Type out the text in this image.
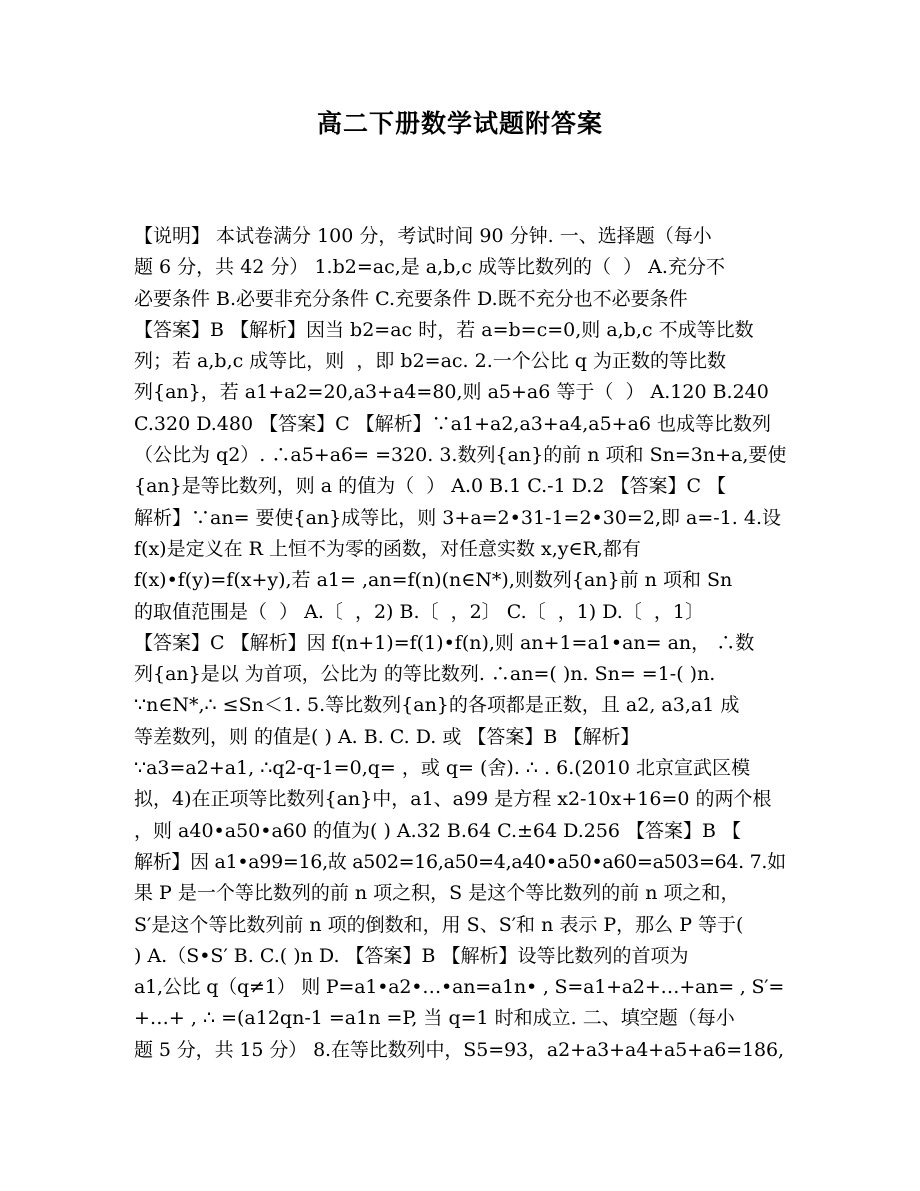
高二下册数学试题附答案
【说明】 本试卷满分 100 分，考试时间 90 分钟. 一、选择题（每小
题 6 分，共 42 分） 1.b2=ac,是 a,b,c 成等比数列的（  ） A.充分不
必要条件 B.必要非充分条件 C.充要条件 D.既不充分也不必要条件
【答案】B 【解析】因当 b2=ac 时，若 a=b=c=0,则 a,b,c 不成等比数
列；若 a,b,c 成等比，则  ，即 b2=ac. 2.一个公比 q 为正数的等比数
列{an}，若 a1+a2=20,a3+a4=80,则 a5+a6 等于（  ） A.120 B.240
C.320 D.480 【答案】C 【解析】∵a1+a2,a3+a4,a5+a6 也成等比数列
（公比为 q2）. ∴a5+a6= =320. 3.数列{an}的前 n 项和 Sn=3n+a,要使
{an}是等比数列，则 a 的值为（  ） A.0 B.1 C.-1 D.2 【答案】C 【
解析】∵an= 要使{an}成等比，则 3+a=2•31-1=2•30=2,即 a=-1. 4.设
f(x)是定义在 R 上恒不为零的函数，对任意实数 x,y∈R,都有
f(x)•f(y)=f(x+y),若 a1= ,an=f(n)(n∈N*),则数列{an}前 n 项和 Sn
的取值范围是（  ） A.〔  ，2) B.〔  ，2〕 C.〔  ，1) D.〔  ，1〕
【答案】C 【解析】因 f(n+1)=f(1)•f(n),则 an+1=a1•an= an， ∴数
列{an}是以 为首项，公比为 的等比数列. ∴an=( )n. Sn= =1-( )n.
∵n∈N*,∴ ≤Sn＜1. 5.等比数列{an}的各项都是正数，且 a2, a3,a1 成
等差数列，则 的值是( ) A. B. C. D. 或 【答案】B 【解析】
∵a3=a2+a1, ∴q2-q-1=0,q= ，或 q= (舍). ∴ . 6.(2010 北京宣武区模
拟，4)在正项等比数列{an}中，a1、a99 是方程 x2-10x+16=0 的两个根
，则 a40•a50•a60 的值为( ) A.32 B.64 C.±64 D.256 【答案】B 【
解析】因 a1•a99=16,故 a502=16,a50=4,a40•a50•a60=a503=64. 7.如
果 P 是一个等比数列的前 n 项之积，S 是这个等比数列的前 n 项之和，
S′是这个等比数列前 n 项的倒数和，用 S、S′和 n 表示 P，那么 P 等于(
) A.（S•S′ B. C.( )n D. 【答案】B 【解析】设等比数列的首项为
a1,公比 q（q≠1） 则 P=a1•a2•…•an=a1n• , S=a1+a2+…+an= , S′=
+…+ , ∴ =(a12qn-1 =a1n =P, 当 q=1 时和成立. 二、填空题（每小
题 5 分，共 15 分） 8.在等比数列中，S5=93，a2+a3+a4+a5+a6=186,
